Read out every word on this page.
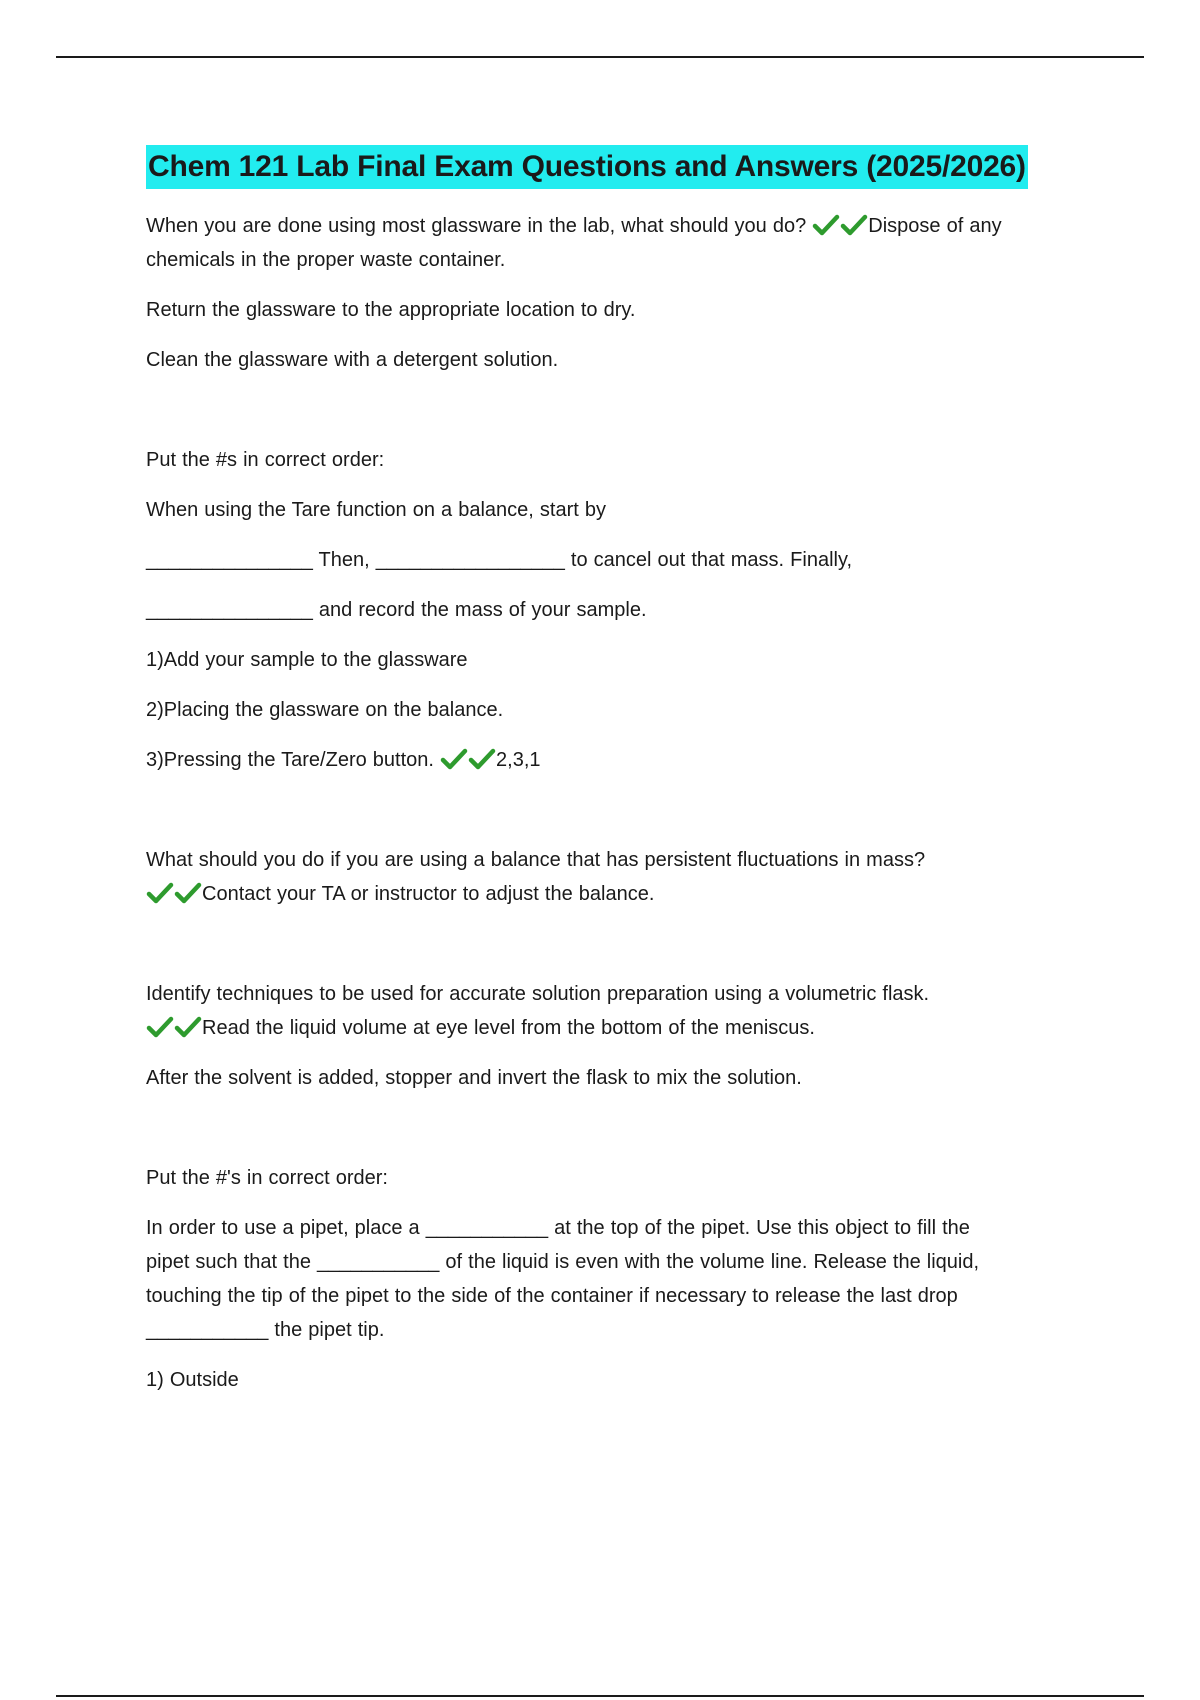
Chem 121 Lab Final Exam Questions and Answers (2025/2026)
When you are done using most glassware in the lab, what should you do?	Dispose of any chemicals in the proper waste container.
Return the glassware to the appropriate location to dry.
Clean the glassware with a detergent solution.
Put the #s in correct order:
When using the Tare function on a balance, start by
_______________ Then, _________________ to cancel out that mass. Finally,
_______________ and record the mass of your sample.
1)Add your sample to the glassware
2)Placing the glassware on the balance.
3)Pressing the Tare/Zero button.	2,3,1
What should you do if you are using a balance that has persistent fluctuations in mass?

Contact your TA or instructor to adjust the balance.
Identify techniques to be used for accurate solution preparation using a volumetric flask.

Read the liquid volume at eye level from the bottom of the meniscus.
After the solvent is added, stopper and invert the flask to mix the solution.
Put the #'s in correct order:
In order to use a pipet, place a ___________ at the top of the pipet. Use this object to fill the
pipet such that the ___________ of the liquid is even with the volume line. Release the liquid,
touching the tip of the pipet to the side of the container if necessary to release the last drop
___________ the pipet tip.
1) Outside
